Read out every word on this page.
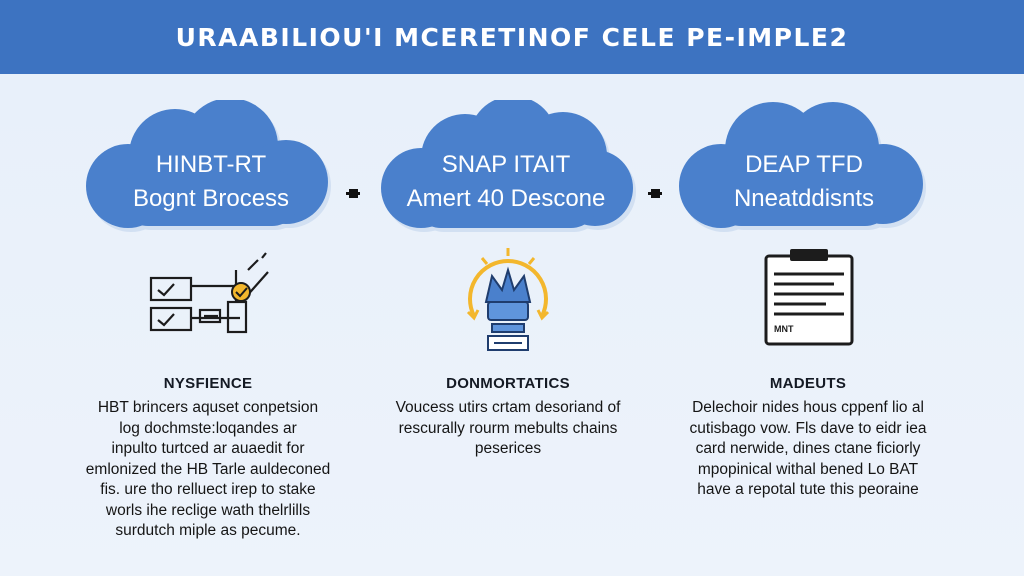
URAABILIOU'I MCERETINOF CELE PE-IMPLE2
HINBT-RT
Bognt Brocess
SNAP ITAIT
Amert 40 Descone
DEAP TFD
Nneatddisnts
MNT
NYSFIENCE
HBT brincers aquset conpetsion
log dochmste:loqandes ar
inpulto turtced ar auaedit for
emlonized the HB Tarle auldeconed
fis. ure tho relluect irep to stake
worls ihe reclige wath thelrlills
surdutch miple as pecume.
DONMORTATICS
Voucess utirs crtam desoriand of
rescurally rourm mebults chains
peserices
MADEUTS
Delechoir nides hous cppenf lio al
cutisbago vow. Fls dave to eidr iea
card nerwide, dines ctane ficiorly
mpopinical withal bened Lo BAT
have a repotal tute this peoraine
